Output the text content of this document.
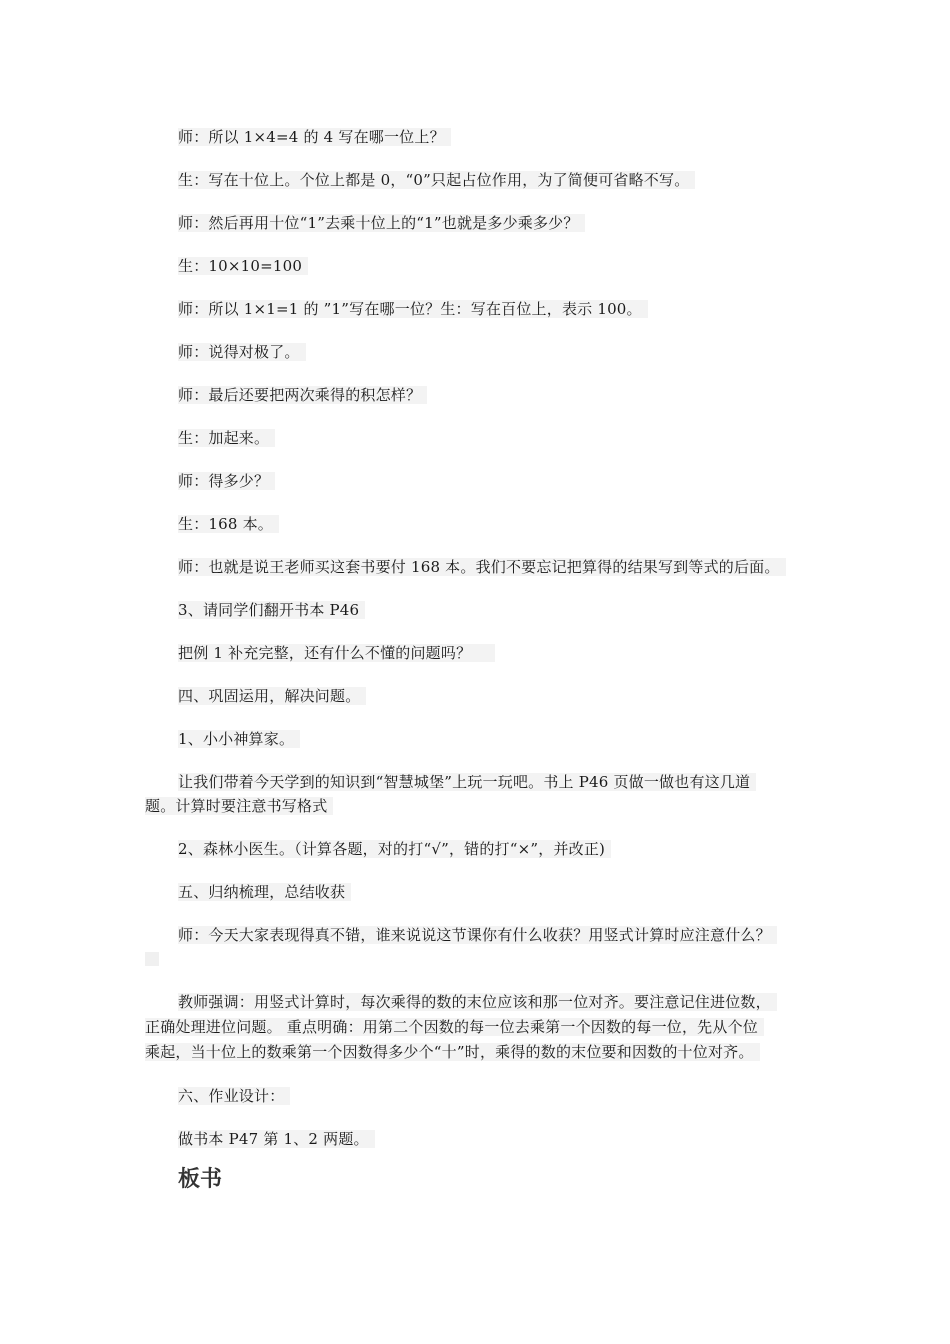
师：所以 1×4=4 的 4 写在哪一位上？
生：写在十位上。个位上都是 0，“0”只起占位作用，为了简便可省略不写。
师：然后再用十位“1”去乘十位上的“1”也就是多少乘多少？
生：10×10=100
师：所以 1×1=1 的 ”1”写在哪一位？生：写在百位上，表示 100。
师：说得对极了。
师：最后还要把两次乘得的积怎样？
生：加起来。
师：得多少？
生：168 本。
师：也就是说王老师买这套书要付 168 本。我们不要忘记把算得的结果写到等式的后面。
3、请同学们翻开书本 P46
把例 1 补充完整，还有什么不懂的问题吗？
四、巩固运用，解决问题。
1、小小神算家。
让我们带着今天学到的知识到“智慧城堡”上玩一玩吧。书上 P46 页做一做也有这几道
题。计算时要注意书写格式
2、森林小医生。（计算各题，对的打“√”，错的打“×”，并改正)
五、归纳梳理，总结收获
师：今天大家表现得真不错，谁来说说这节课你有什么收获？用竖式计算时应注意什么？
教师强调：用竖式计算时，每次乘得的数的末位应该和那一位对齐。要注意记住进位数，
正确处理进位问题。 重点明确：用第二个因数的每一位去乘第一个因数的每一位，先从个位
乘起，当十位上的数乘第一个因数得多少个“十”时，乘得的数的末位要和因数的十位对齐。
六、作业设计：
做书本 P47 第 1、2 两题。
板书
